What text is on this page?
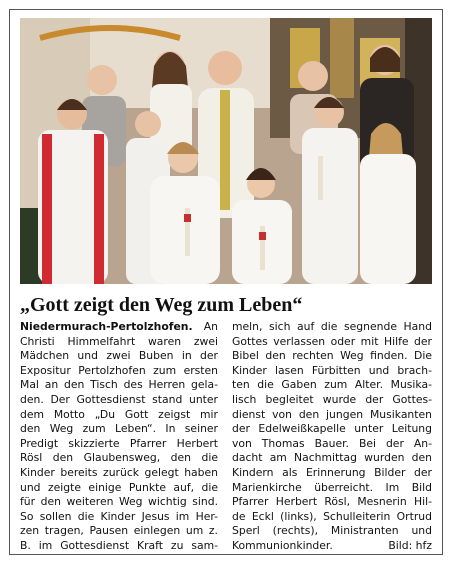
„Gott zeigt den Weg zum Leben“
Niedermurach-Pertolzhofen. An
Christi Himmelfahrt waren zwei
Mädchen und zwei Buben in der
Expositur Pertolzhofen zum ersten
Mal an den Tisch des Herren gela-
den. Der Gottesdienst stand unter
dem Motto „Du Gott zeigst mir
den Weg zum Leben“. In seiner
Predigt skizzierte Pfarrer Herbert
Rösl den Glaubensweg, den die
Kinder bereits zurück gelegt haben
und zeigte einige Punkte auf, die
für den weiteren Weg wichtig sind.
So sollen die Kinder Jesus im Her-
zen tragen, Pausen einlegen um z.
B. im Gottesdienst Kraft zu sam-
meln, sich auf die segnende Hand
Gottes verlassen oder mit Hilfe der
Bibel den rechten Weg finden. Die
Kinder lasen Fürbitten und brach-
ten die Gaben zum Alter. Musika-
lisch begleitet wurde der Gottes-
dienst von den jungen Musikanten
der Edelweißkapelle unter Leitung
von Thomas Bauer. Bei der An-
dacht am Nachmittag wurden den
Kindern als Erinnerung Bilder der
Marienkirche überreicht. Im Bild
Pfarrer Herbert Rösl, Mesnerin Hil-
de Eckl (links), Schulleiterin Ortrud
Sperl (rechts), Ministranten und
Kommunionkinder.	Bild: hfz
